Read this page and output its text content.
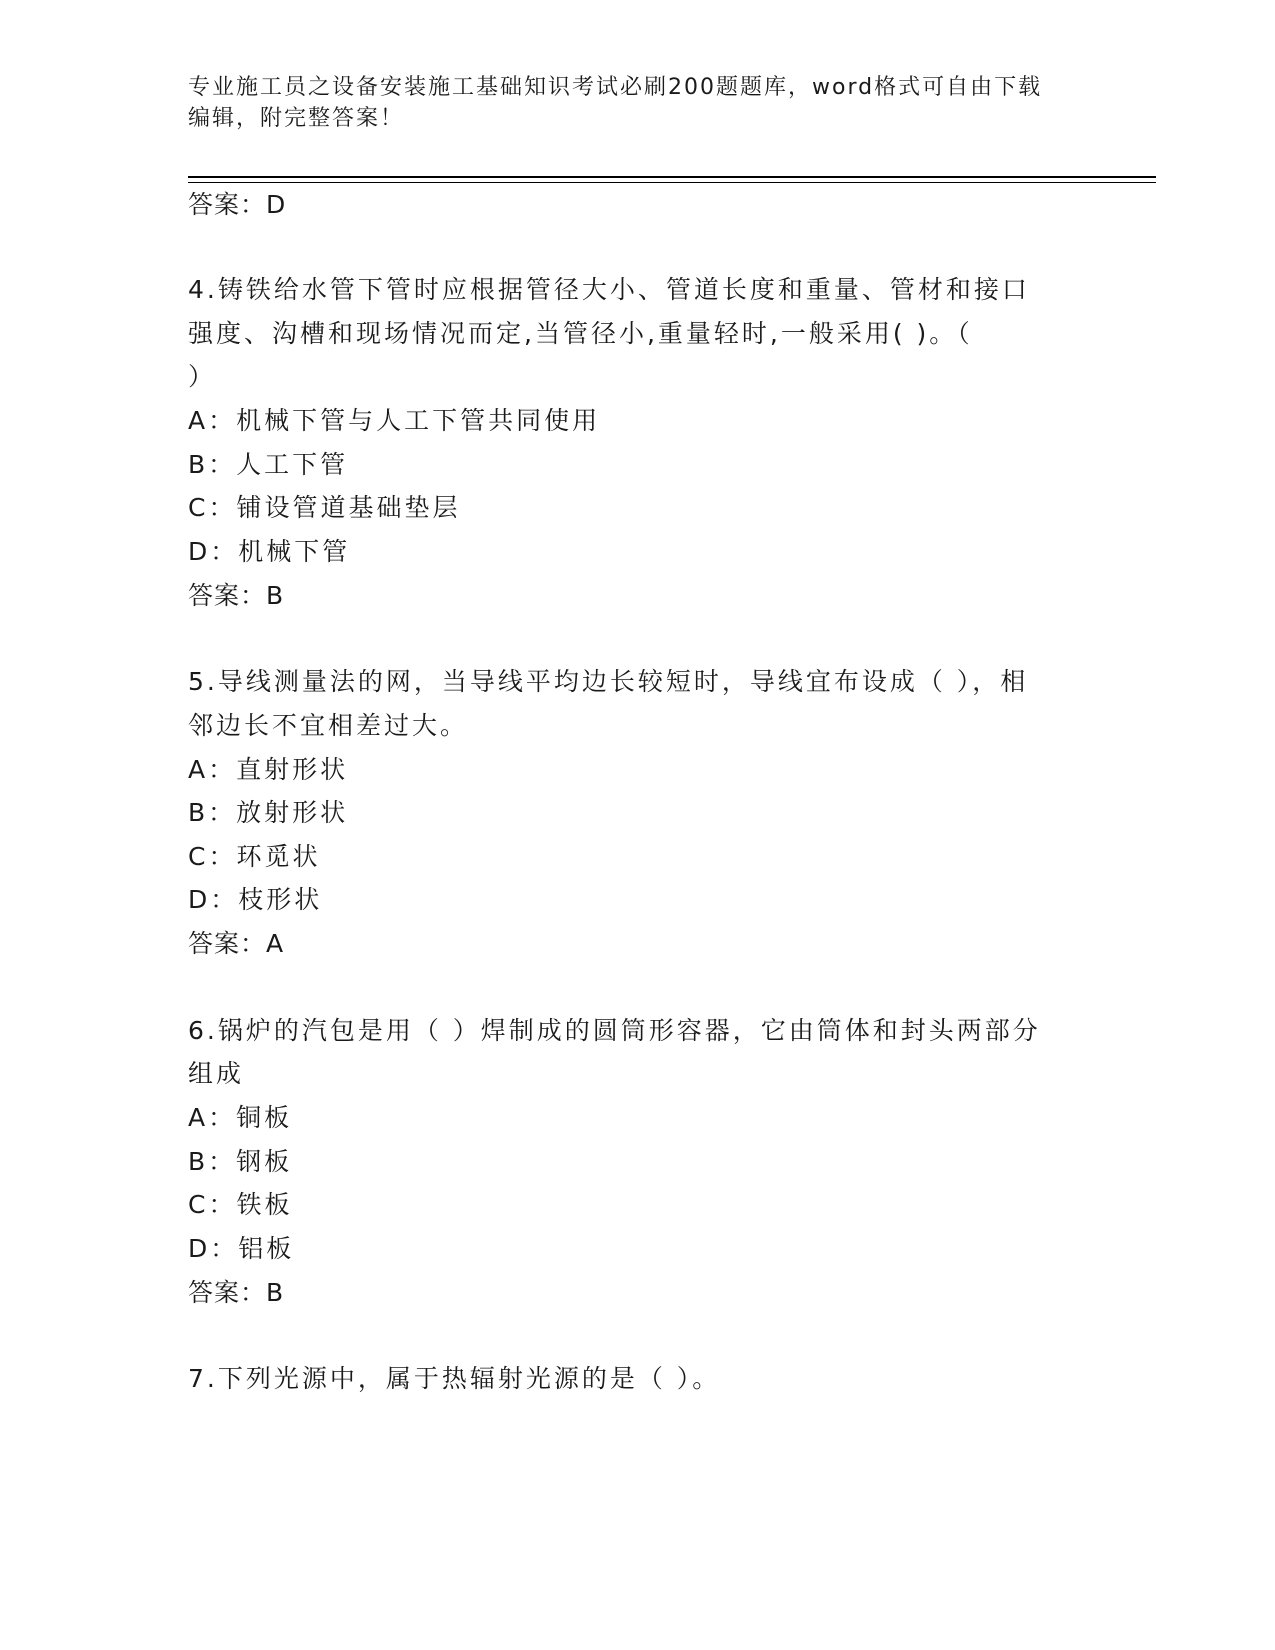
专业施工员之设备安装施工基础知识考试必刷200题题库，word格式可自由下载
编辑，附完整答案！
答案：D
4.铸铁给水管下管时应根据管径大小、管道长度和重量、管材和接口
强度、沟槽和现场情况而定,当管径小,重量轻时,一般采用( )。（
）
A：机械下管与人工下管共同使用
B：人工下管
C：铺设管道基础垫层
D：机械下管
答案：B
5.导线测量法的网，当导线平均边长较短时，导线宜布设成（ ），相
邻边长不宜相差过大。
A：直射形状
B：放射形状
C：环觅状
D：枝形状
答案：A
6.锅炉的汽包是用（ ）焊制成的圆筒形容器，它由筒体和封头两部分
组成
A：铜板
B：钢板
C：铁板
D：铝板
答案：B
7.下列光源中，属于热辐射光源的是（ ）。
